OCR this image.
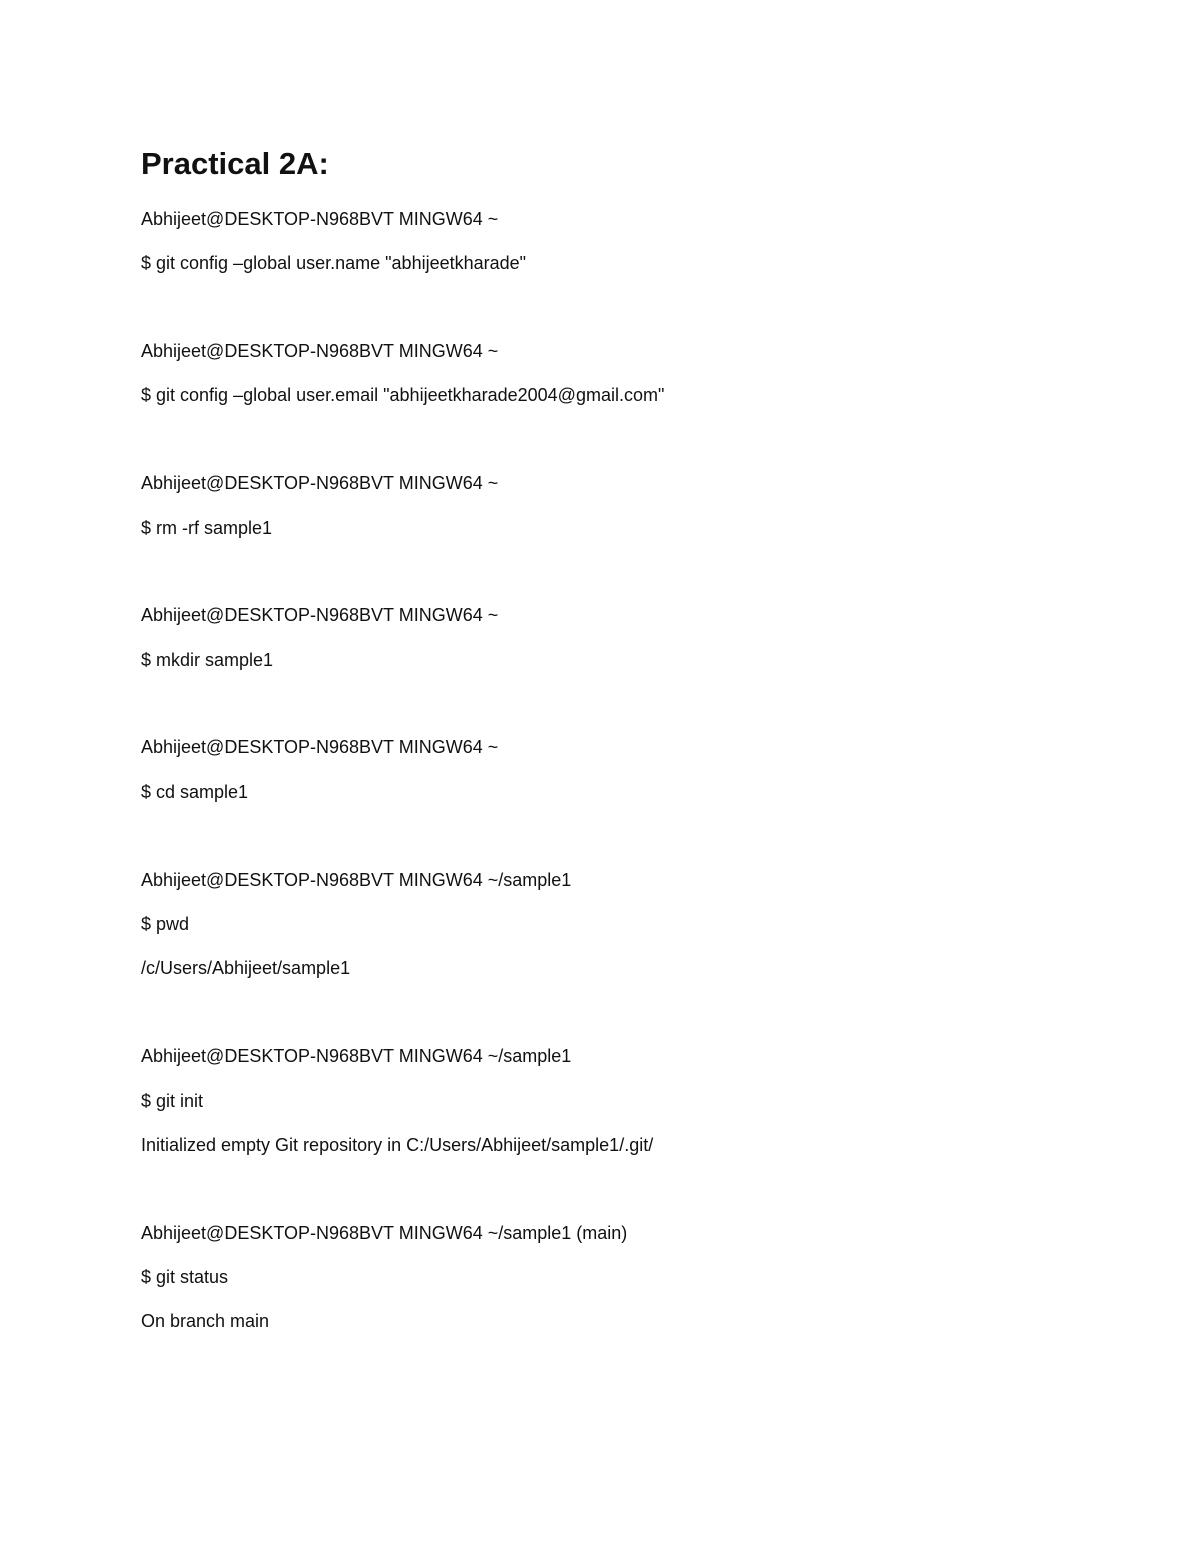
Practical 2A:
Abhijeet@DESKTOP-N968BVT MINGW64 ~
$ git config –global user.name "abhijeetkharade"
Abhijeet@DESKTOP-N968BVT MINGW64 ~
$ git config –global user.email "abhijeetkharade2004@gmail.com"
Abhijeet@DESKTOP-N968BVT MINGW64 ~
$ rm -rf sample1
Abhijeet@DESKTOP-N968BVT MINGW64 ~
$ mkdir sample1
Abhijeet@DESKTOP-N968BVT MINGW64 ~
$ cd sample1
Abhijeet@DESKTOP-N968BVT MINGW64 ~/sample1
$ pwd
/c/Users/Abhijeet/sample1
Abhijeet@DESKTOP-N968BVT MINGW64 ~/sample1
$ git init
Initialized empty Git repository in C:/Users/Abhijeet/sample1/.git/
Abhijeet@DESKTOP-N968BVT MINGW64 ~/sample1 (main)
$ git status
On branch main
